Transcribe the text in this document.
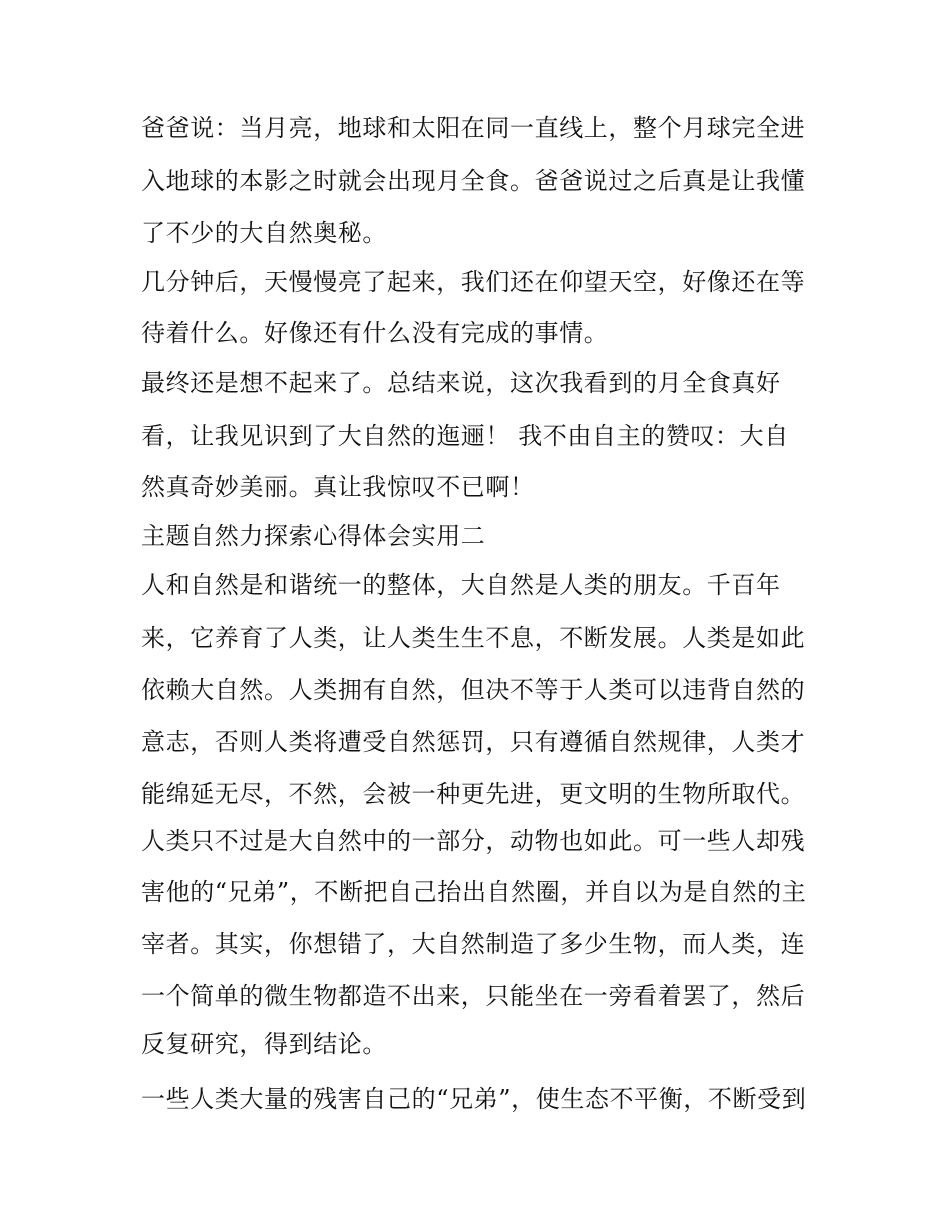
爸爸说：当月亮，地球和太阳在同一直线上，整个月球完全进
入地球的本影之时就会出现月全食。爸爸说过之后真是让我懂
了不少的大自然奥秘。
几分钟后，天慢慢亮了起来，我们还在仰望天空，好像还在等
待着什么。好像还有什么没有完成的事情。
最终还是想不起来了。总结来说，这次我看到的月全食真好
看，让我见识到了大自然的迤逦！ 我不由自主的赞叹：大自
然真奇妙美丽。真让我惊叹不已啊！
主题自然力探索心得体会实用二
人和自然是和谐统一的整体，大自然是人类的朋友。千百年
来，它养育了人类，让人类生生不息，不断发展。人类是如此
依赖大自然。人类拥有自然，但决不等于人类可以违背自然的
意志，否则人类将遭受自然惩罚，只有遵循自然规律，人类才
能绵延无尽，不然，会被一种更先进，更文明的生物所取代。
人类只不过是大自然中的一部分，动物也如此。可一些人却残
害他的“兄弟”，不断把自己抬出自然圈，并自以为是自然的主
宰者。其实，你想错了，大自然制造了多少生物，而人类，连
一个简单的微生物都造不出来，只能坐在一旁看着罢了，然后
反复研究，得到结论。
一些人类大量的残害自己的“兄弟”，使生态不平衡，不断受到
